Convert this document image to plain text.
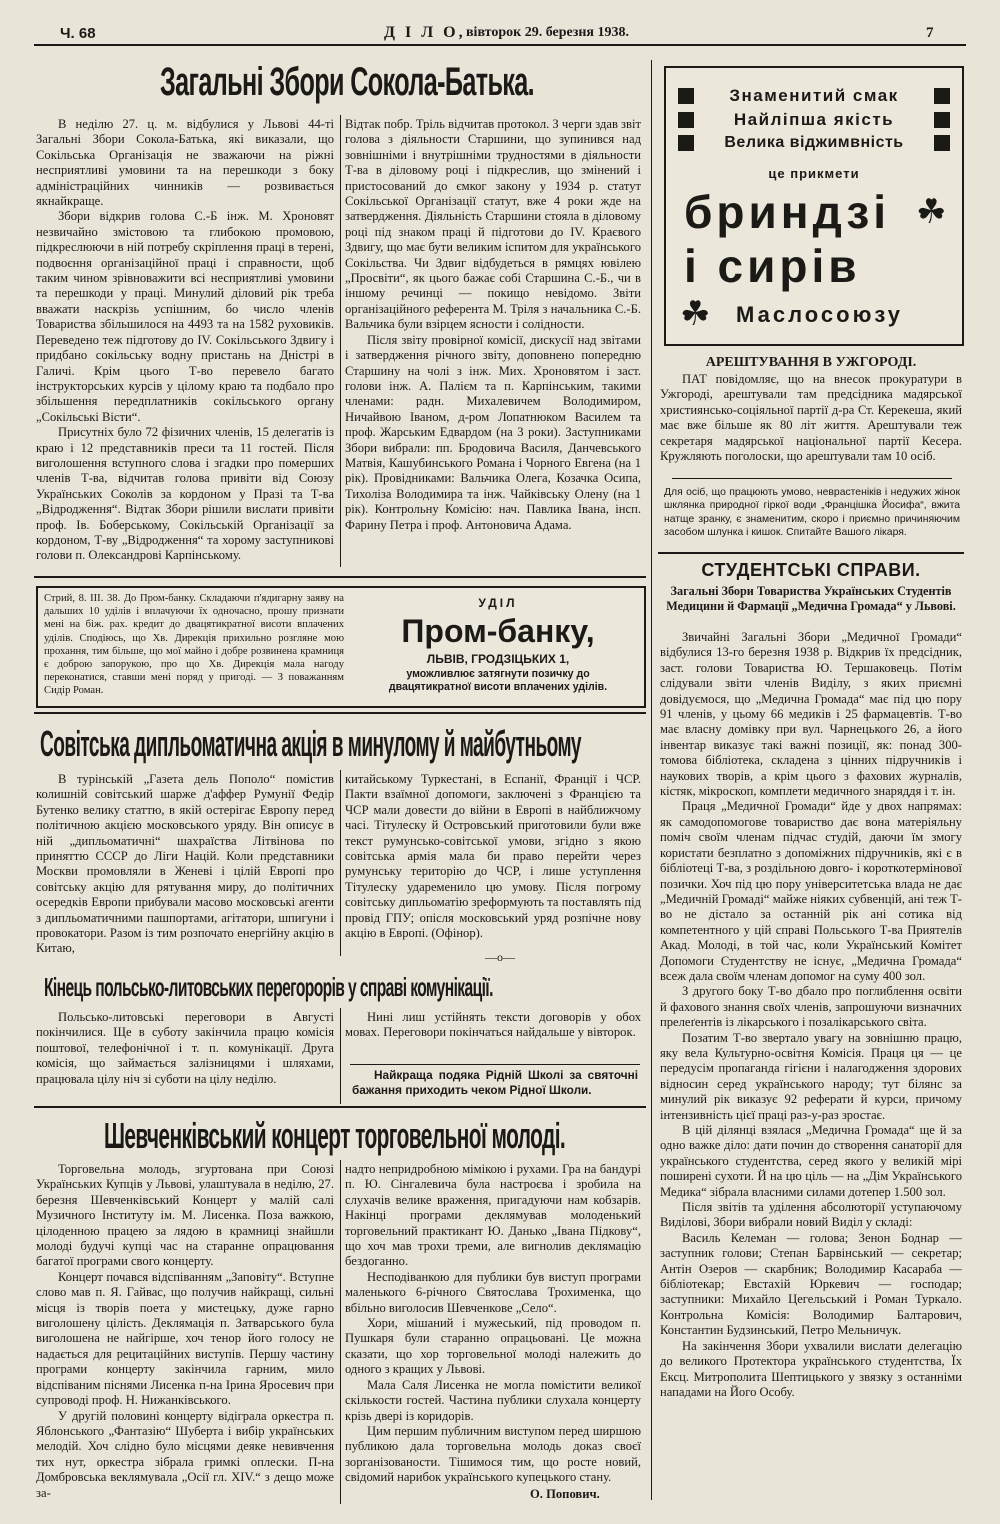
Ч. 68	Д І Л О, вівторок 29. березня 1938.	7
Загальні Збори Сокола-Батька.

В неділю 27. ц. м. відбулися у Львові 44-ті Загальні Збори Сокола-Батька, які виказали, що Сокільська Організація не зважаючи на ріжні несприятливі умовини та на перешкоди з боку адміністраційних чинників — розвивається якнайкраще.

Збори відкрив голова С.-Б інж. М. Хроновят незвичайно змістовою та глибокою промовою, підкреслюючи в ній потребу скріплення праці в терені, подвоєння організаційної праці і справности, щоб таким чином зрівноважити всі несприятливі умовини та перешкоди у праці. Минулий діловий рік треба вважати наскрізь успішним, бо число членів Товариства збільшилося на 4493 та на 1582 руховиків. Переведено теж підготову до IV. Сокільського Здвигу і придбано сокільську водну пристань на Дністрі в Галичі. Крім цього Т-во перевело багато інструкторських курсів у цілому краю та подбало про збільшення передплатників сокільського органу „Сокільські Вісти“.

Присутніх було 72 фізичних членів, 15 делегатів із краю і 12 представників преси та 11 гостей. Після виголошення вступного слова і згадки про померших членів Т-ва, відчитав голова привіти від Союзу Українських Соколів за кордоном у Празі та Т-ва „Відродження“. Відтак Збори рішили вислати привіти проф. Ів. Боберському, Сокільській Організації за кордоном, Т-ву „Відродження“ та хорому заступникові голови п. Олександрові Карпінському.

Відтак побр. Тріль відчитав протокол. З черги здав звіт голова з діяльности Старшини, що зупинився над зовнішніми і внутрішніми трудностями в діяльности Т-ва в діловому році і підкреслив, що змінений і пристосований до ємког закону у 1934 р. статут Сокільської Організації статут, вже 4 роки жде на затвердження. Діяльність Старшини стояла в діловому році під знаком праці й підготови до IV. Краєвого Здвигу, що має бути великим іспитом для українського Сокільства. Чи Здвиг відбудеться в рямцях ювілею „Просвіти“, як цього бажає собі Старшина С.-Б., чи в іншому речинці — покищо невідомо. Звіти організаційного референта М. Тріля з начальника С.-Б. Вальчика були взірцем ясности і солідности.

Після звіту провірної комісії, дискусії над звітами і затвердження річного звіту, доповнено попередню Старшину на чолі з інж. Мих. Хроновятом і заст. голови інж. А. Палієм та п. Карпінським, такими членами: радн. Михалевичем Володимиром, Ничайвою Іваном, д-ром Лопатнюком Василем та проф. Жарським Едвардом (на 3 роки). Заступниками Збори вибрали: пп. Бродовича Василя, Данчевського Матвія, Кашубинського Романа і Чорного Евгена (на 1 рік). Провідниками: Вальчика Олега, Козачка Осипа, Тихоліза Володимира та інж. Чайківську Олену (на 1 рік). Контрольну Комісію: нач. Павлика Івана, інсп. Фарину Петра і проф. Антоновича Адама.

Знаменитий смак
Найліпша якість
Велика віджимвність
це прикмети
бриндзі ☘
і сирів
☘ Маслосоюзу
АРЕШТУВАННЯ В УЖГОРОДІ.

ПАТ повідомляє, що на внесок прокуратури в Ужгороді, арештували там предсідника мадярської християнсько-соціяльної партії д-ра Ст. Керекеша, який має вже більше як 80 літ життя. Арештували теж секретаря мадярської національної партії Кесера. Кружляють поголоски, що арештували там 10 осіб.

Для осіб, що працюють умово, неврастеніків і недужих жінок шклянка природної гіркої води „Францішка Йосифа“, вжита натще зранку, є знаменитим, скоро і приємно причиняючим засобом шлунка і кишок. Спитайте Вашого лікаря.
СТУДЕНТСЬКІ СПРАВИ.
Загальні Збори Товариства Українських Студентів Медицини й Фармації „Медична Громада“ у Львові.

Звичайні Загальні Збори „Медичної Громади“ відбулися 13-го березня 1938 р. Відкрив їх предсідник, заст. голови Товариства Ю. Тершаковець. Потім слідували звіти членів Виділу, з яких приємні довідуємося, що „Медична Громада“ має під цю пору 91 членів, у цьому 66 медиків і 25 фармацевтів. Т-во має власну домівку при вул. Чарнецького 26, а його інвентар виказує такі важні позиції, як: понад 300-томова бібліотека, складена з цінних підручників і наукових творів, а крім цього з фахових журналів, кістяк, мікроскоп, комплети медичного знаряддя і т. ін.

Праця „Медичної Громади“ йде у двох напрямах: як самодопомогове товариство дає вона матеріяльну поміч своїм членам підчас студій, даючи їм змогу користати безплатно з допоміжних підручників, які є в бібліотеці Т-ва, з роздільною довго- і короткотермінової позички. Хоч під цю пору університетська влада не дає „Медичній Громаді“ майже ніяких субвенцій, ані теж Т-во не дістало за останній рік ані сотика від компетентного у цій справі Польського Т-ва Приятелів Акад. Молоді, в той час, коли Український Комітет Допомоги Студентству не існує, „Медична Громада“ всеж дала своїм членам допомог на суму 400 зол.

З другого боку Т-во дбало про поглиблення освіти й фахового знання своїх членів, запрошуючи визначних прелеґентів із лікарського і позалікарського світа.

Позатим Т-во звертало увагу на зовнішню працю, яку вела Культурно-освітня Комісія. Праця ця — це передусім пропаганда гігієни і налагодження здорових відносин серед українського народу; тут білянс за минулий рік виказує 92 реферати й курси, причому інтензивність цієї праці раз-у-раз зростає.

В цій ділянці взялася „Медична Громада“ ще й за одно важке діло: дати почин до створення санаторії для українського студентства, серед якого у великій мірі поширені сухоти. Й на цю ціль — на „Дім Українського Медика“ зібрала власними силами дотепер 1.500 зол.

Після звітів та уділення абсолюторії уступаючому Виділові, Збори вибрали новий Виділ у складі:

Василь Келеман — голова; Зенон Боднар — заступник голови; Степан Барвінський — секретар; Антін Озеров — скарбник; Володимир Касараба — бібліотекар; Евстахій Юркевич — господар; заступники: Михайло Цегельський і Роман Туркало. Контрольна Комісія: Володимир Балтарович, Константин Будзинський, Петро Мельничук.

На закінчення Збори ухвалили вислати делегацію до великого Протектора українського студентства, Їх Ексц. Митрополита Шептицького у звязку з останніми нападами на Його Особу.

Стрий, 8. III. 38. До Пром-банку. Складаючи п'ядигарну заяву на дальших 10 уділів і вплачуючи їх одночасно, прошу признати мені на біж. рах. кредит до двацятикратної висоти вплачених уділів. Сподіюсь, що Хв. Дирекція прихильно розгляне мою прохання, тим більше, що мої майно і добре розвинена крамниця є доброю запорукою, про що Хв. Дирекція мала нагоду переконатися, ставши мені поряд у пригоді. — З поважанням Сидір Роман.
УДІЛ
Пром-банку,
ЛЬВІВ, ГРОДЗІЦЬКИХ 1,
уможливлює затягнути позичку до двацятикратної висоти вплачених уділів.
Совітська дипльоматична акція в минулому й майбутньому

В турінській „Газета дель Пополо“ помістив колишній совітський шарже д'аффер Румунії Федір Бутенко велику статтю, в якій остерігає Европу перед політичною акцією московського уряду. Він описує в ній „дипльоматичні“ шахраїства Літвінова по приняттю СССР до Ліги Націй. Коли представники Москви промовляли в Женеві і цілій Европі про совітську акцію для рятування миру, до політичних осередків Европи прибували масово московські агенти з дипльоматичними пашпортами, агітатори, шпигуни і провокатори. Разом із тим розпочато енергійну акцію в Китаю,

китайському Туркестані, в Еспанії, Франції і ЧСР. Пакти взаїмної допомоги, заключені з Францією та ЧСР мали довести до війни в Европі в найближчому часі. Тітулеску й Островський приготовили були вже текст румунсько-совітської умови, згідно з якою совітська армія мала би право перейти через румунську територію до ЧСР, і лише уступлення Тітулеску удаременило цю умову. Після погрому совітську дипльоматію зреформують та поставлять під провід ГПУ; опісля московський уряд розпічне нову акцію в Европі. (Офінор).

—o—
Кінець польсько-литовських перегорорів у справі комунікації.

Польсько-литовські переговори в Августі покінчилися. Ще в суботу закінчила працю комісія поштової, телефонічної і т. п. комунікації. Друга комісія, що займається залізницями і шляхами, працювала цілу ніч зі суботи на цілу неділю.

Нині лиш устійнять тексти договорів у обох мовах. Переговори покінчаться найдальше у вівторок.

Найкраща подяка Рідній Школі за святочні бажання приходить чеком Рідної Школи.
Шевченківський концерт торговельної молоді.

Торговельна молодь, згуртована при Союзі Українських Купців у Львові, улаштувала в неділю, 27. березня Шевченківський Концерт у малій салі Музичного Інституту ім. М. Лисенка. Поза важкою, цілоденною працею за лядою в крамниці знайшли молоді будучі купці час на старанне опрацювання багатої програми свого концерту.

Концерт почався відспіванням „Заповіту“. Вступне слово мав п. Я. Гайвас, що получив найкращі, сильні місця із творів поета у мистецьку, дуже гарно виголошену цілість. Деклямація п. Затварського була виголошена не найгірше, хоч тенор його голосу не надається для рецитаційних виступів. Першу частину програми концерту закінчила гарним, мило відспіваним піснями Лисенка п-на Ірина Яросевич при супроводі проф. Н. Нижанківського.

У другій половині концерту відіграла оркестра п. Яблонського „Фантазію“ Шуберта і вибір українських мелодій. Хоч слідно було місцями деяке невивчення тих нут, оркестра зібрала гримкі оплески. П-на Домбровська веклямувала „Осії гл. XIV.“ з дещо може за-

надто непридробною мімікою і рухами. Гра на бандурі п. Ю. Сінгалевича була настроєва і зробила на слухачів велике враження, пригадуючи нам кобзарів. Накінці програми деклямував молоденький торговельний практикант Ю. Данько „Івана Підкову“, що хоч мав трохи треми, але вигнолив деклямацію бездоганно.

Несподіванкою для публики був виступ програми маленького 6-річного Святослава Трохименка, що вбільно виголосив Шевченкове „Село“.

Хори, мішаний і мужеський, під проводом п. Пушкаря були старанно опрацьовані. Це можна сказати, що хор торговельної молоді належить до одного з кращих у Львові.

Мала Саля Лисенка не могла помістити великої скількости гостей. Частина публики слухала концерту крізь двері із коридорів.

Цим першим публичним виступом перед ширшою публикою дала торговельна молодь доказ своєї зорганізованости. Тішимося тим, що росте новий, свідомий нарибок українського купецького стану.

О. Попович.
